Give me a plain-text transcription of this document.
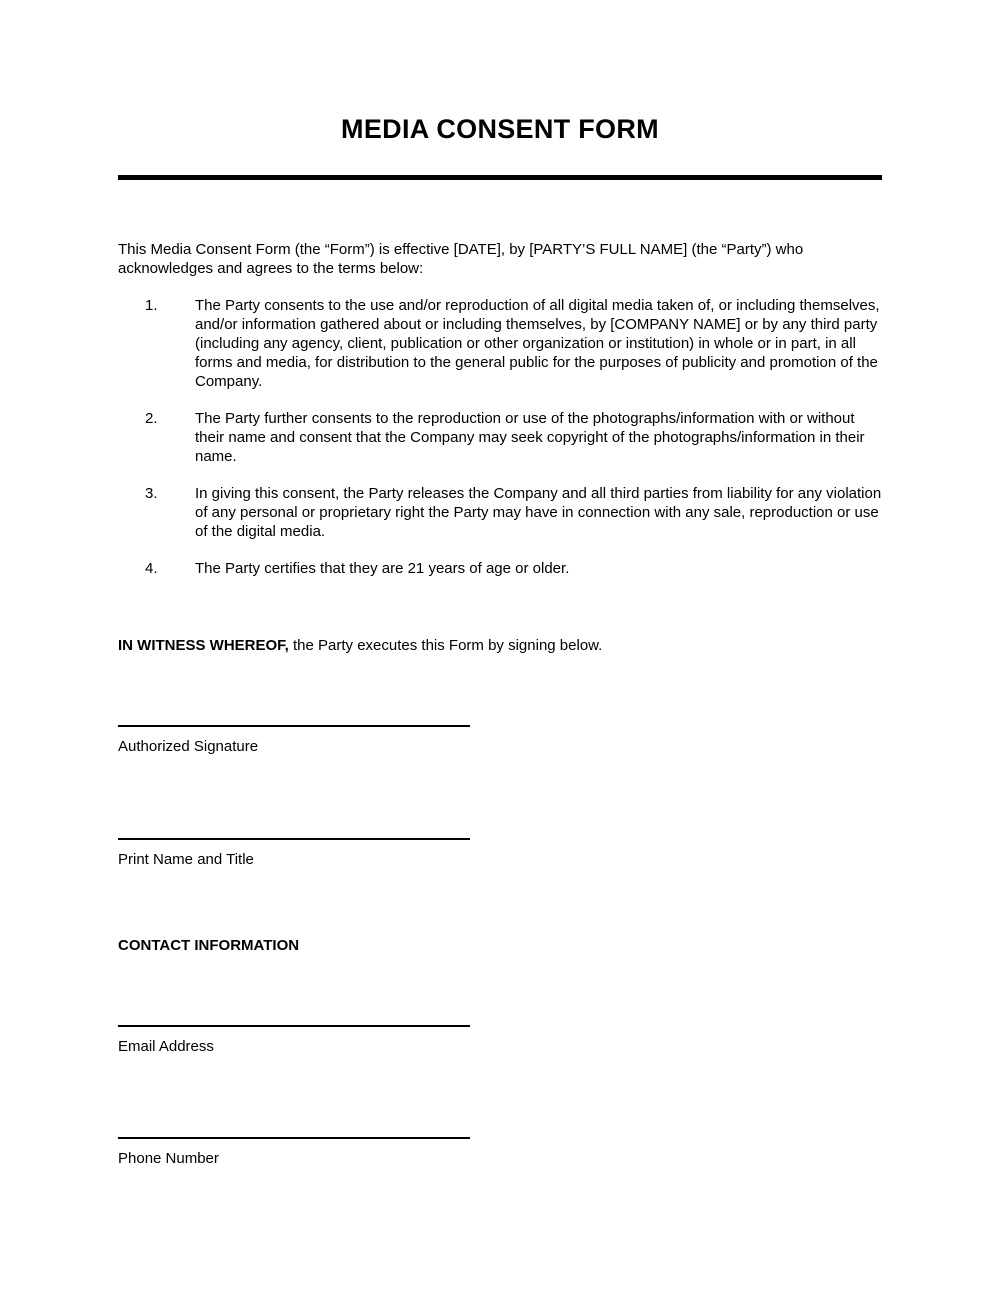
MEDIA CONSENT FORM

This Media Consent Form (the “Form”) is effective [DATE], by [PARTY’S FULL NAME] (the “Party”) who acknowledges and agrees to the terms below:

1.	The Party consents to the use and/or reproduction of all digital media taken of, or including themselves, and/or information gathered about or including themselves, by [COMPANY NAME] or by any third party (including any agency, client, publication or other organization or institution) in whole or in part, in all forms and media, for distribution to the general public for the purposes of publicity and promotion of the Company.
2.	The Party further consents to the reproduction or use of the photographs/information with or without their name and consent that the Company may seek copyright of the photographs/information in their name.
3.	In giving this consent, the Party releases the Company and all third parties from liability for any violation of any personal or proprietary right the Party may have in connection with any sale, reproduction or use of the digital media.
4.	The Party certifies that they are 21 years of age or older.

IN WITNESS WHEREOF, the Party executes this Form by signing below.

Authorized Signature
Print Name and Title
CONTACT INFORMATION
Email Address
Phone Number
